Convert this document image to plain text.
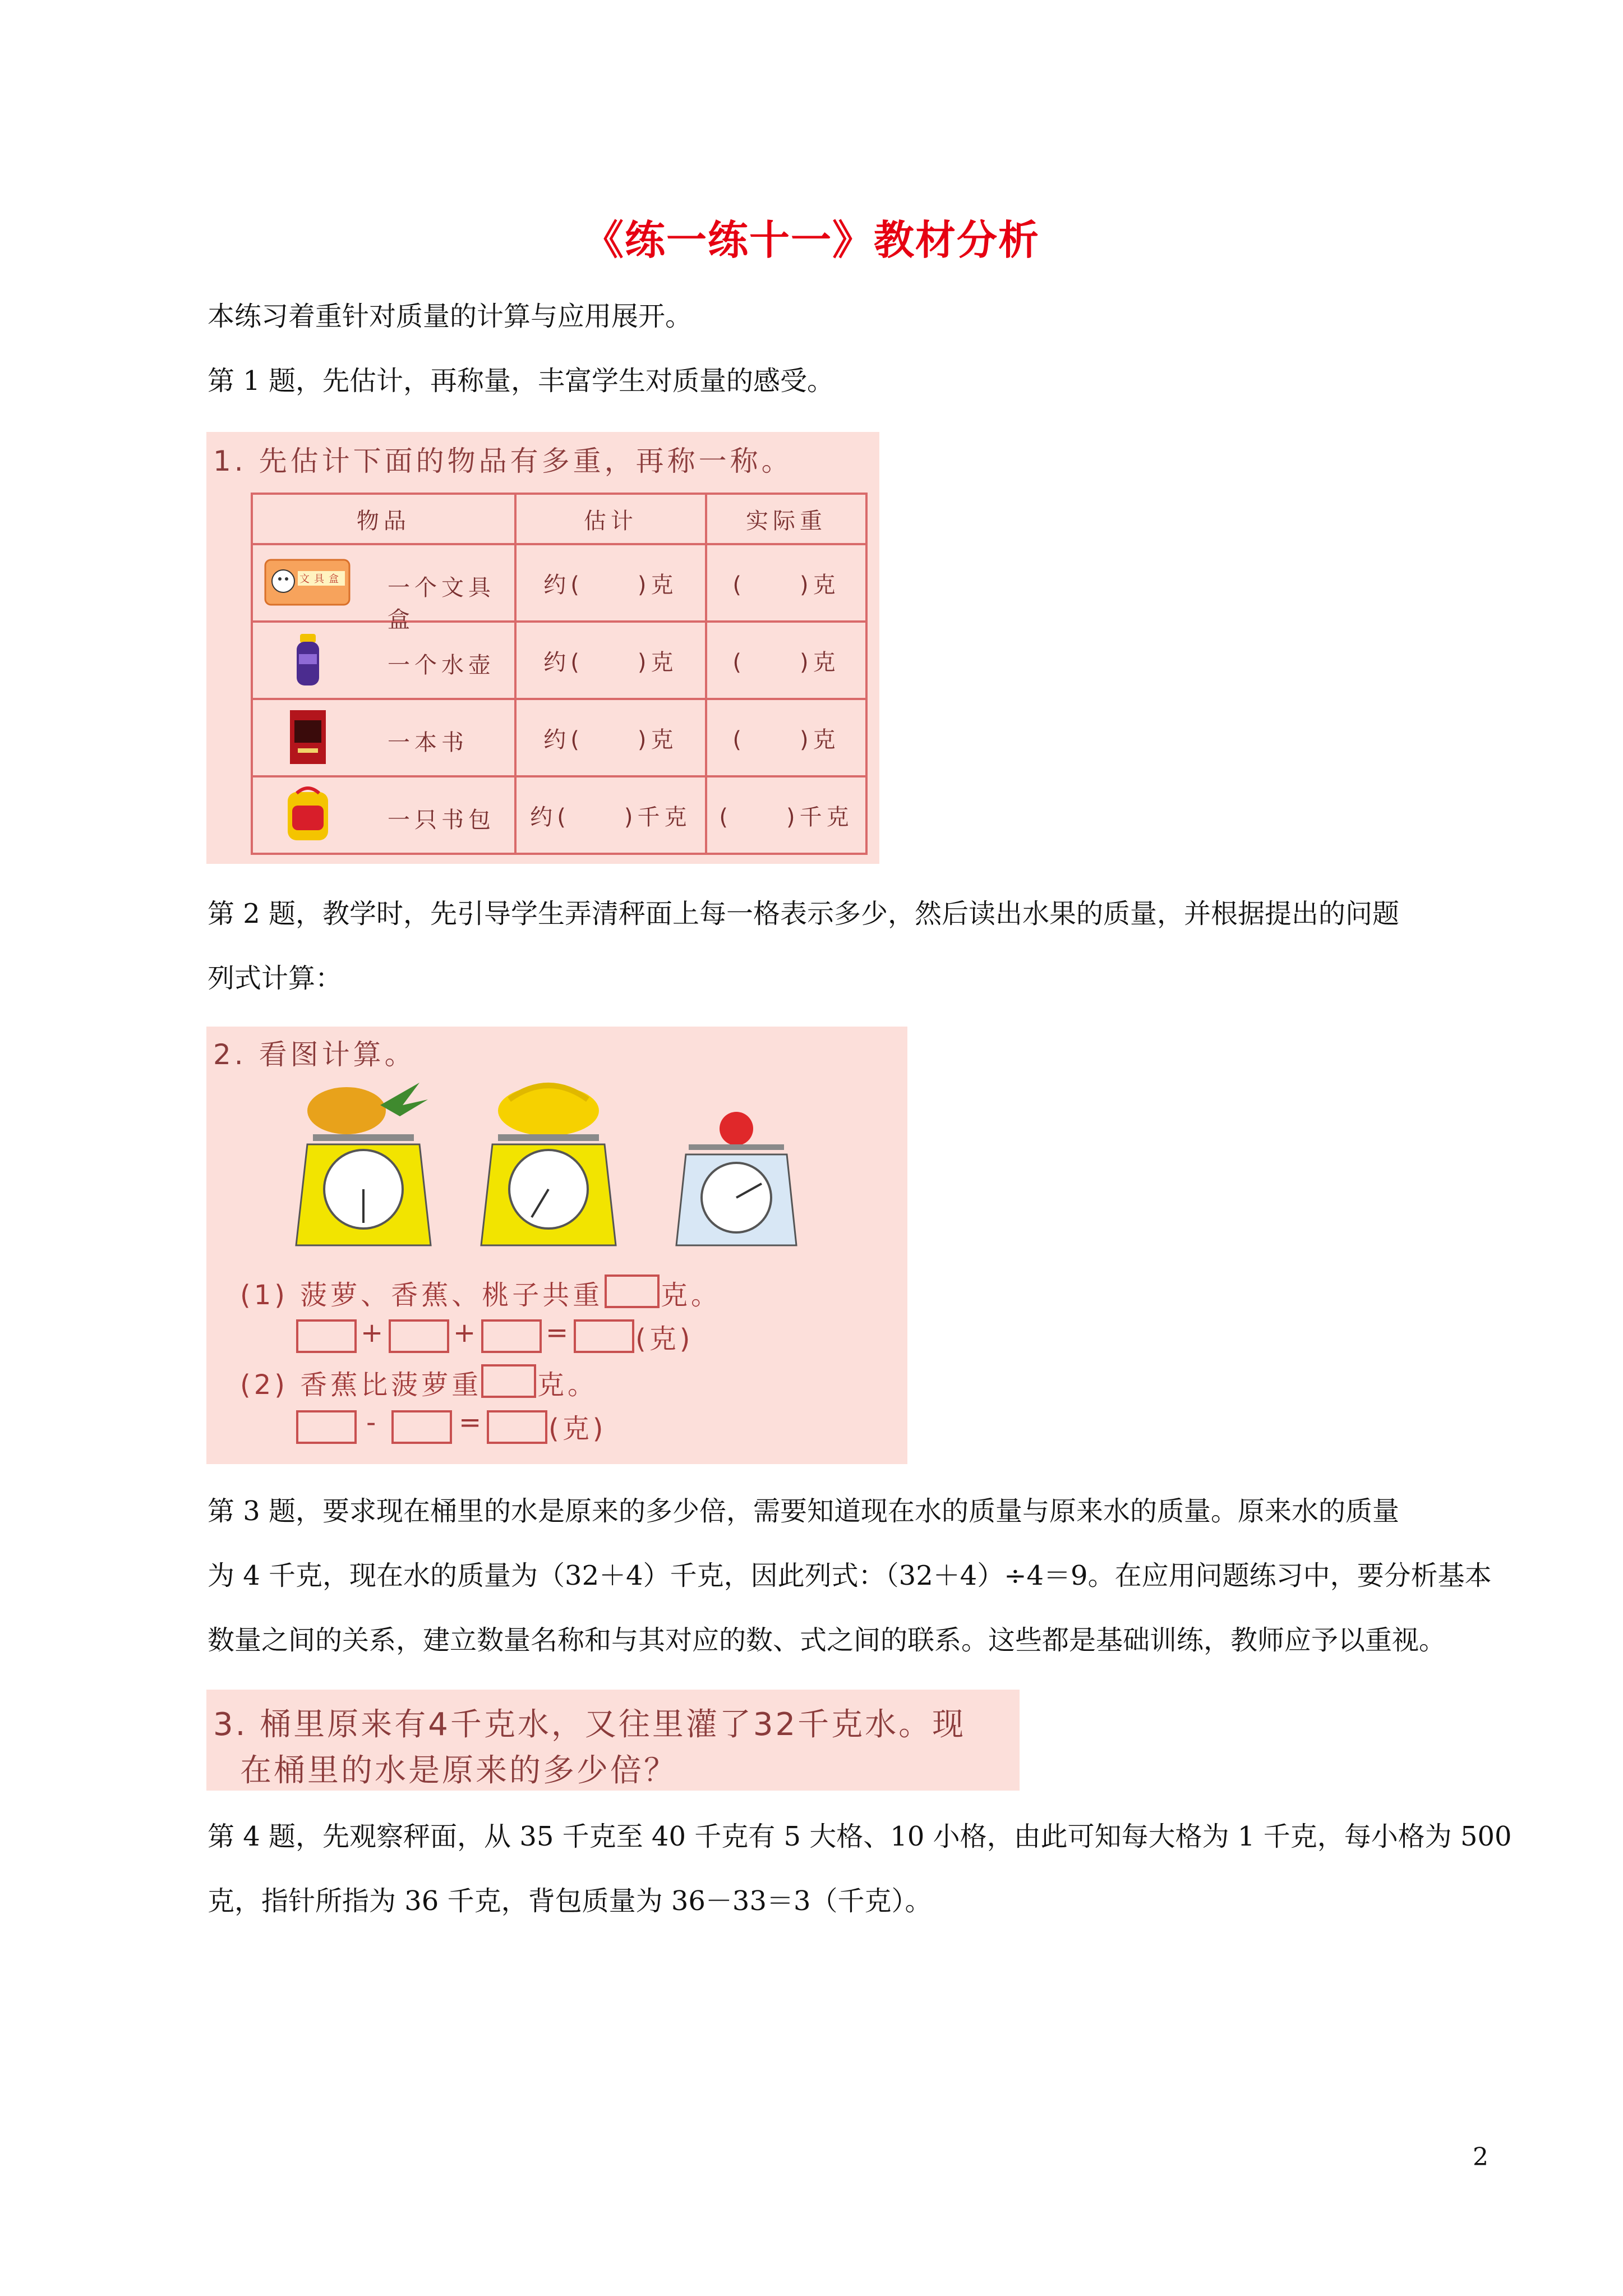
《练一练十一》教材分析
本练习着重针对质量的计算与应用展开。
第 1 题，先估计，再称量，丰富学生对质量的感受。
1. 先估计下面的物品有多重，再称一称。
物品	估计	实际重

文具盒 一个文具盒	约(　　)克	(　　)克

一个水壶	约(　　)克	(　　)克

一本书	约(　　)克	(　　)克

一只书包	约(　　)千克	(　　)千克
第 2 题，教学时，先引导学生弄清秤面上每一格表示多少，然后读出水果的质量，并根据提出的问题
列式计算：
2. 看图计算。
(1) 菠萝、香蕉、桃子共重 克。
+ + = (克)
(2) 香蕉比菠萝重 克。
-	= (克)
第 3 题，要求现在桶里的水是原来的多少倍，需要知道现在水的质量与原来水的质量。原来水的质量
为 4 千克，现在水的质量为（32＋4）千克，因此列式：（32＋4）÷4＝9。在应用问题练习中，要分析基本
数量之间的关系，建立数量名称和与其对应的数、式之间的联系。这些都是基础训练，教师应予以重视。
3. 桶里原来有4千克水，又往里灌了32千克水。现
在桶里的水是原来的多少倍？
第 4 题，先观察秤面，从 35 千克至 40 千克有 5 大格、10 小格，由此可知每大格为 1 千克，每小格为 500
克，指针所指为 36 千克，背包质量为 36－33＝3（千克）。
2
